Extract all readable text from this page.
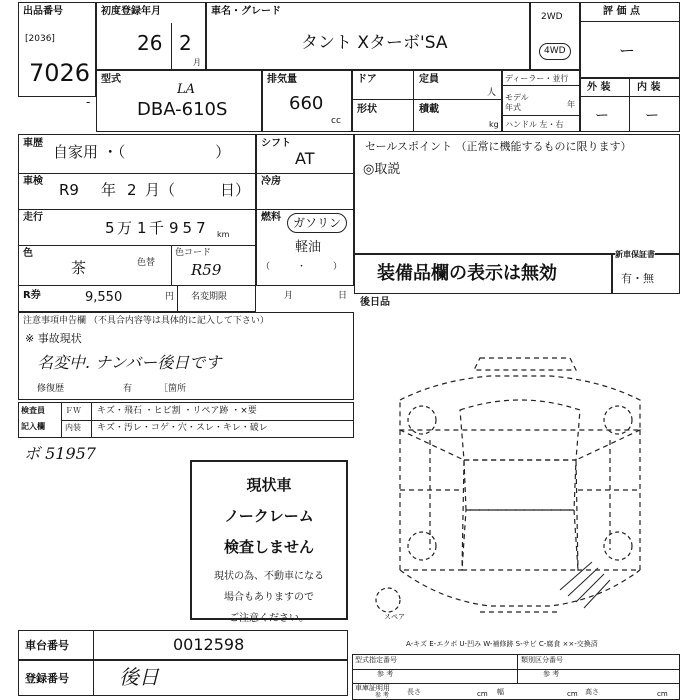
出品番号
[2036]
7026
初度登録年月
26 2
月
車名・グレード
タント Xターボ'SA
2WD
4WD
評 価 点
ー
型式
LA
DBA-610S
排気量
660
cc
ドア	定員
人
形状	積載
kg
ディーラー・並行
モデル年式	年
ハンドル 左・右
外 装	内 装
ー	ー
-
車歴 自家用 ・（　　　　　　）
車検 R9 年 2 月（　　　日）
走行
5 万 1 千 957 km
色
茶	色替
色コード
R59
R券	9,550	円 名変期限	月	日
シフト
AT
冷房
燃料	ガソリン
軽油
（　　　・　　　）
セールスポイント （正常に機能するものに限ります）
◎取説
装備品欄の表示は無効
新車保証書
有・無
後日品
注意事項申告欄 （不具合内容等は具体的に記入して下さい）
※ 事故現状
名変中. ナンバー後日です
修復歴	有	［箇所
検査員
記入欄
ＦＷ キズ・飛石 ・ヒビ割 ・リペア跡 ・×要
内装 キズ・汚レ・コゲ・穴・スレ・キレ・破レ
ボ 51957
現状車
ノークレーム
検査しません
現状の為、不動車になる
場合もありますので
ご注意ください。	スペア
A-キズ E-エクボ U-凹み W-補修跡 S-サビ C-腐食 ××-交換済
車台番号	0012598
登録番号	後日
型式指定番号
参 考
類別区分番号
参 考
車庫証明用
参 考	長さ	cm 幅	cm 高さ	cm
